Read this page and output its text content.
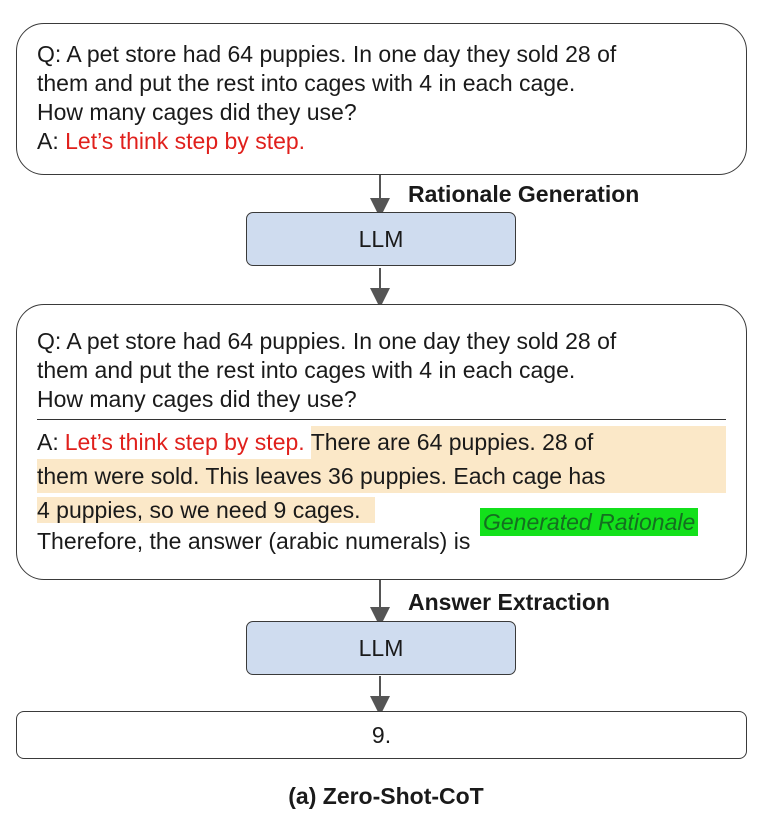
Q: A pet store had 64 puppies. In one day they sold 28 of
them and put the rest into cages with 4 in each cage.
How many cages did they use?
A: Let’s think step by step.
Rationale Generation
LLM
Q: A pet store had 64 puppies. In one day they sold 28 of
them and put the rest into cages with 4 in each cage.
How many cages did they use?
A: Let’s think step by step. There are 64 puppies. 28 of
them were sold. This leaves 36 puppies. Each cage has
4 puppies, so we need 9 cages.
Therefore, the answer (arabic numerals) is
Generated Rationale
Answer Extraction
LLM
9.
(a) Zero-Shot-CoT
